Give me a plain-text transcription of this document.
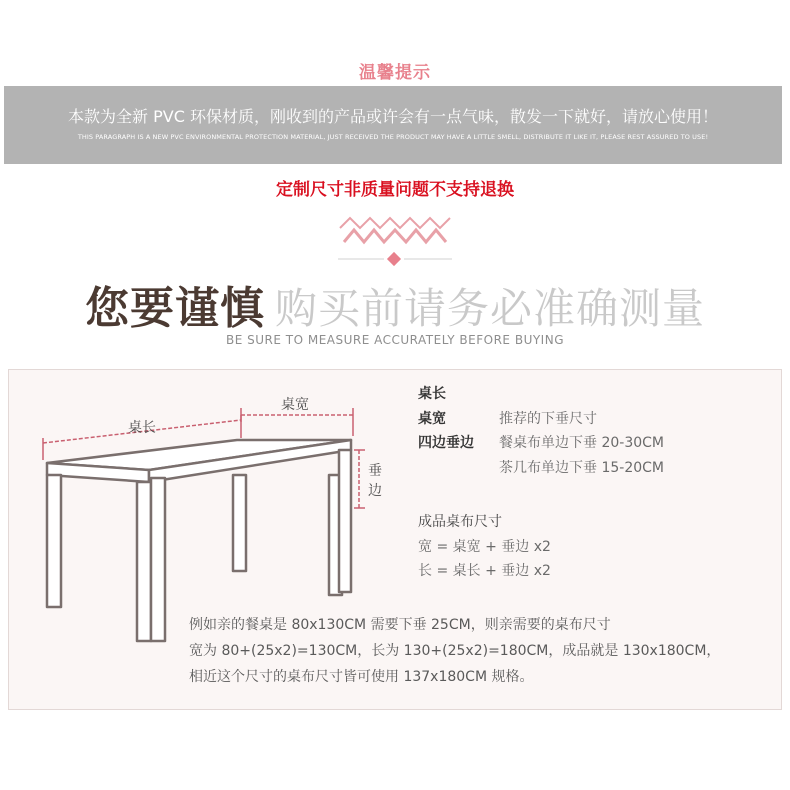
温馨提示
本款为全新 PVC 环保材质，刚收到的产品或许会有一点气味，散发一下就好，请放心使用！
THIS PARAGRAPH IS A NEW PVC ENVIRONMENTAL PROTECTION MATERIAL, JUST RECEIVED THE PRODUCT MAY HAVE A LITTLE SMELL, DISTRIBUTE IT LIKE IT, PLEASE REST ASSURED TO USE!
定制尺寸非质量问题不支持退换
您要谨慎 购买前请务必准确测量
BE SURE TO MEASURE ACCURATELY BEFORE BUYING
桌长
桌宽
垂
边
桌长
桌宽	推荐的下垂尺寸
四边垂边 餐桌布单边下垂 20-30CM
茶几布单边下垂 15-20CM
成品桌布尺寸
宽 = 桌宽 + 垂边 x2
长 = 桌长 + 垂边 x2
例如亲的餐桌是 80x130CM 需要下垂 25CM，则亲需要的桌布尺寸
宽为 80+(25x2)=130CM，长为 130+(25x2)=180CM，成品就是 130x180CM，
相近这个尺寸的桌布尺寸皆可使用 137x180CM 规格。
